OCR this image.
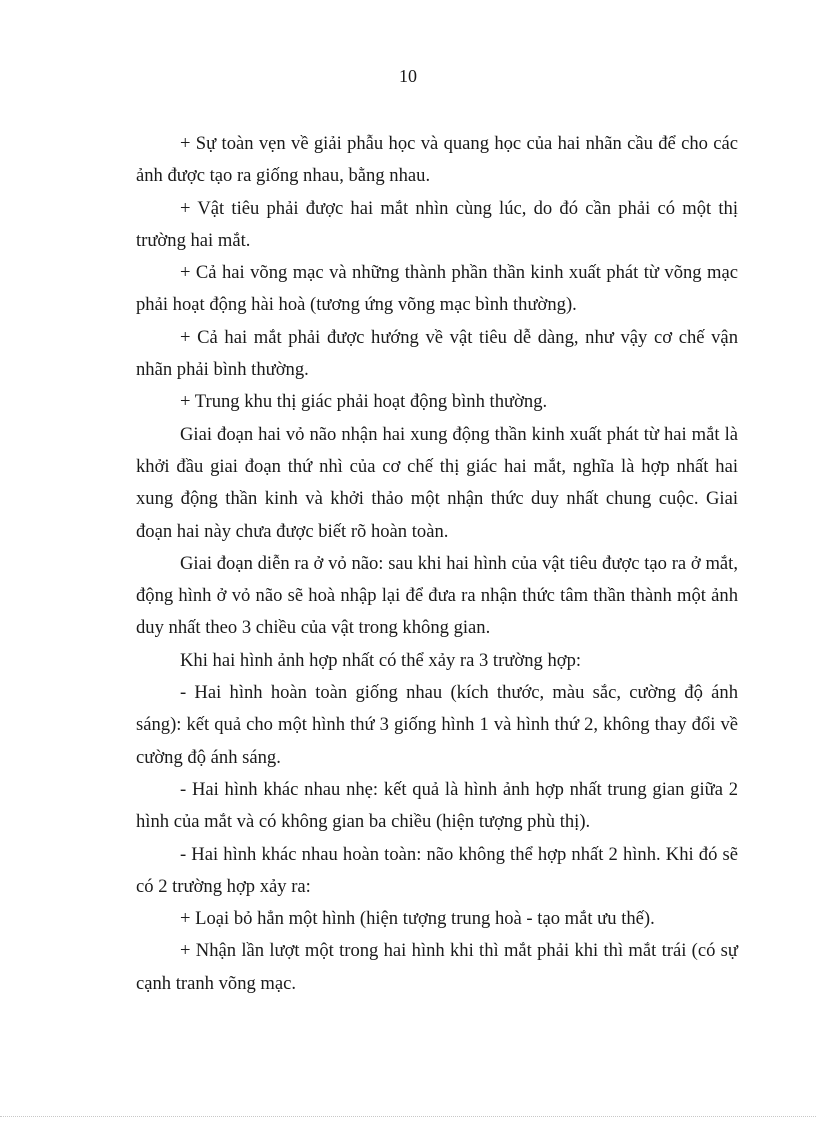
10

+ Sự toàn vẹn về giải phẫu học và quang học của hai nhãn cầu để cho các ảnh được tạo ra giống nhau, bằng nhau.

+ Vật tiêu phải được hai mắt nhìn cùng lúc, do đó cần phải có một thị trường hai mắt.

+ Cả hai võng mạc và những thành phần thần kinh xuất phát từ võng mạc phải hoạt động hài hoà (tương ứng võng mạc bình thường).

+ Cả hai mắt phải được hướng về vật tiêu dễ dàng, như vậy cơ chế vận nhãn phải bình thường.

+ Trung khu thị giác phải hoạt động bình thường.

Giai đoạn hai vỏ não nhận hai xung động thần kinh xuất phát từ hai mắt là khởi đầu giai đoạn thứ nhì của cơ chế thị giác hai mắt, nghĩa là hợp nhất hai xung động thần kinh và khởi thảo một nhận thức duy nhất chung cuộc. Giai đoạn hai này chưa được biết rõ hoàn toàn.

Giai đoạn diễn ra ở vỏ não: sau khi hai hình của vật tiêu được tạo ra ở mắt, động hình ở vỏ não sẽ hoà nhập lại để đưa ra nhận thức tâm thần thành một ảnh duy nhất theo 3 chiều của vật trong không gian.

Khi hai hình ảnh hợp nhất có thể xảy ra 3 trường hợp:

- Hai hình hoàn toàn giống nhau (kích thước, màu sắc, cường độ ánh sáng): kết quả cho một hình thứ 3 giống hình 1 và hình thứ 2, không thay đổi về cường độ ánh sáng.

- Hai hình khác nhau nhẹ: kết quả là hình ảnh hợp nhất trung gian giữa 2 hình của mắt và có không gian ba chiều (hiện tượng phù thị).

- Hai hình khác nhau hoàn toàn: não không thể hợp nhất 2 hình. Khi đó sẽ có 2 trường hợp xảy ra:

+ Loại bỏ hẳn một hình (hiện tượng trung hoà - tạo mắt ưu thế).

+ Nhận lần lượt một trong hai hình khi thì mắt phải khi thì mắt trái (có sự cạnh tranh võng mạc.
